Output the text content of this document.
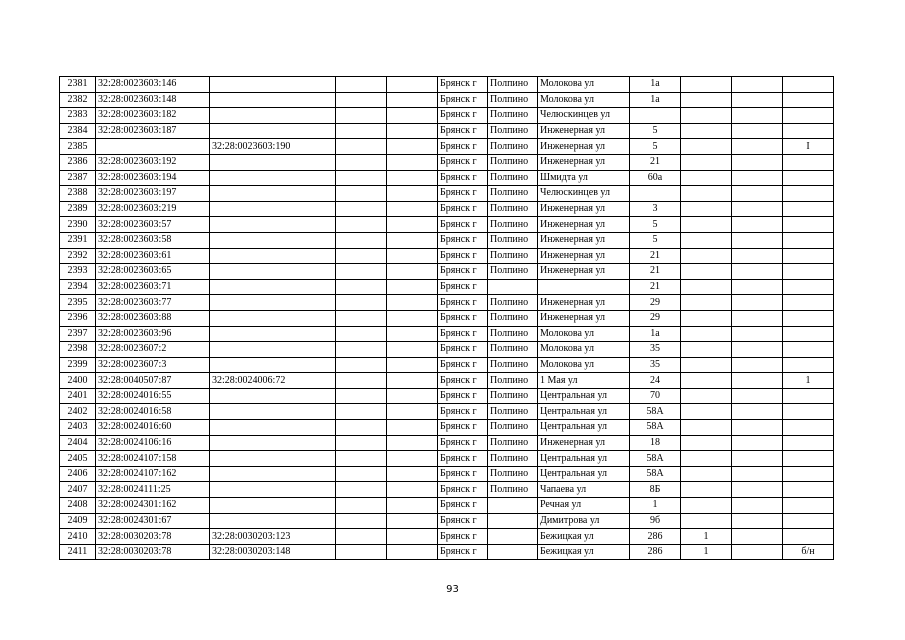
2381	32:28:0023603:146				Брянск г	Полпино	Молокова ул	1а			
2382	32:28:0023603:148				Брянск г	Полпино	Молокова ул	1а			
2383	32:28:0023603:182				Брянск г	Полпино	Челюскинцев ул				
2384	32:28:0023603:187				Брянск г	Полпино	Инженерная ул	5			
2385		32:28:0023603:190			Брянск г	Полпино	Инженерная ул	5			I
2386	32:28:0023603:192				Брянск г	Полпино	Инженерная ул	21			
2387	32:28:0023603:194				Брянск г	Полпино	Шмидта ул	60а			
2388	32:28:0023603:197				Брянск г	Полпино	Челюскинцев ул				
2389	32:28:0023603:219				Брянск г	Полпино	Инженерная ул	3			
2390	32:28:0023603:57				Брянск г	Полпино	Инженерная ул	5			
2391	32:28:0023603:58				Брянск г	Полпино	Инженерная ул	5			
2392	32:28:0023603:61				Брянск г	Полпино	Инженерная ул	21			
2393	32:28:0023603:65				Брянск г	Полпино	Инженерная ул	21			
2394	32:28:0023603:71				Брянск г			21			
2395	32:28:0023603:77				Брянск г	Полпино	Инженерная ул	29			
2396	32:28:0023603:88				Брянск г	Полпино	Инженерная ул	29			
2397	32:28:0023603:96				Брянск г	Полпино	Молокова ул	1а			
2398	32:28:0023607:2				Брянск г	Полпино	Молокова ул	35			
2399	32:28:0023607:3				Брянск г	Полпино	Молокова ул	35			
2400	32:28:0040507:87	32:28:0024006:72			Брянск г	Полпино	1 Мая ул	24			1
2401	32:28:0024016:55				Брянск г	Полпино	Центральная ул	70			
2402	32:28:0024016:58				Брянск г	Полпино	Центральная ул	58А			
2403	32:28:0024016:60				Брянск г	Полпино	Центральная ул	58А			
2404	32:28:0024106:16				Брянск г	Полпино	Инженерная ул	18			
2405	32:28:0024107:158				Брянск г	Полпино	Центральная ул	58А			
2406	32:28:0024107:162				Брянск г	Полпино	Центральная ул	58А			
2407	32:28:0024111:25				Брянск г	Полпино	Чапаева ул	8Б			
2408	32:28:0024301:162				Брянск г		Речная ул	1			
2409	32:28:0024301:67				Брянск г		Димитрова ул	9б			
2410	32:28:0030203:78	32:28:0030203:123			Брянск г		Бежицкая ул	286	1		
2411	32:28:0030203:78	32:28:0030203:148			Брянск г		Бежицкая ул	286	1		б/н
93
